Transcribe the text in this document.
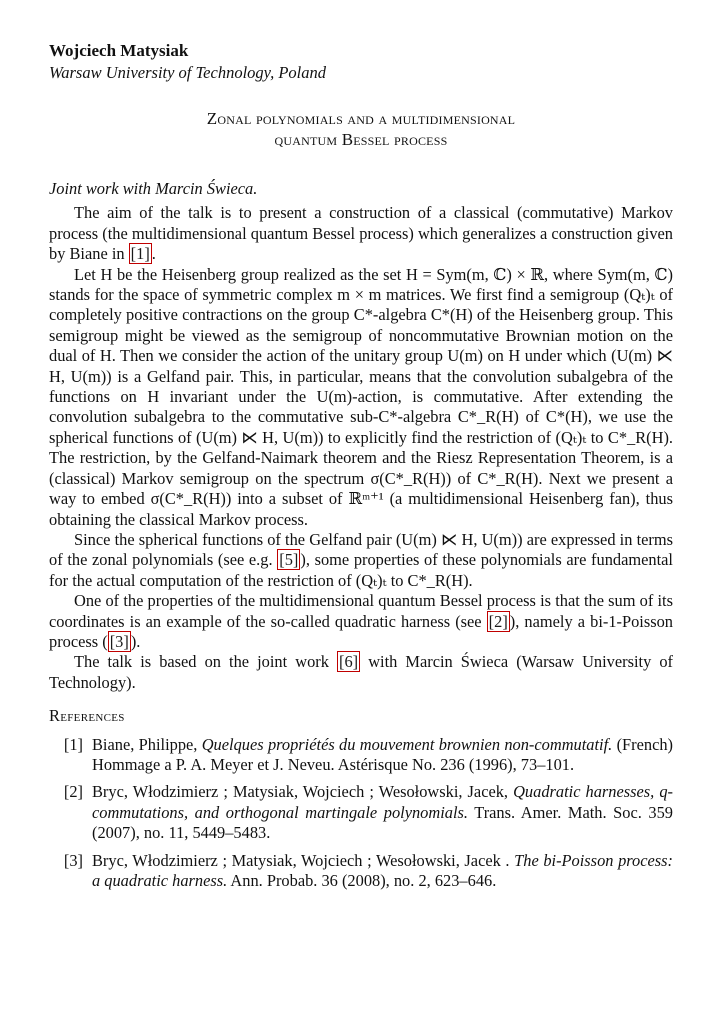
Wojciech Matysiak
Warsaw University of Technology, Poland
Zonal polynomials and a multidimensional
quantum Bessel process
Joint work with Marcin Świeca.

The aim of the talk is to present a construction of a classical (commutative) Markov process (the multidimensional quantum Bessel process) which generalizes a construction given by Biane in [1] .

Let H be the Heisenberg group realized as the set H = Sym(m, ℂ) × ℝ, where Sym(m, ℂ) stands for the space of symmetric complex m × m matrices. We first find a semigroup (Qₜ)ₜ of completely positive contractions on the group C*-algebra C*(H) of the Heisenberg group. This semigroup might be viewed as the semigroup of noncommutative Brownian motion on the dual of H. Then we consider the action of the unitary group U(m) on H under which (U(m) ⋉ H, U(m)) is a Gelfand pair. This, in particular, means that the convolution subalgebra of the functions on H invariant under the U(m)-action, is commutative. After extending the convolution subalgebra to the commutative sub-C*-algebra C*_R(H) of C*(H), we use the spherical functions of (U(m) ⋉ H, U(m)) to explicitly find the restriction of (Qₜ)ₜ to C*_R(H). The restriction, by the Gelfand-Naimark theorem and the Riesz Representation Theorem, is a (classical) Markov semigroup on the spectrum σ(C*_R(H)) of C*_R(H). Next we present a way to embed σ(C*_R(H)) into a subset of ℝᵐ⁺¹ (a multidimensional Heisenberg fan), thus obtaining the classical Markov process.

Since the spherical functions of the Gelfand pair (U(m) ⋉ H, U(m)) are expressed in terms of the zonal polynomials (see e.g. [5] ), some properties of these polynomials are fundamental for the actual computation of the restriction of (Qₜ)ₜ to C*_R(H).

One of the properties of the multidimensional quantum Bessel process is that the sum of its coordinates is an example of the so-called quadratic harness (see [2] ), namely a bi-1-Poisson process ( [3] ).

The talk is based on the joint work [6] with Marcin Świeca (Warsaw University of Technology).

References
[1] Biane, Philippe, Quelques propriétés du mouvement brownien non-commutatif. (French) Hommage a P. A. Meyer et J. Neveu. Astérisque No. 236 (1996), 73–101.
[2] Bryc, Włodzimierz ; Matysiak, Wojciech ; Wesołowski, Jacek, Quadratic harnesses, q-commutations, and orthogonal martingale polynomials. Trans. Amer. Math. Soc. 359 (2007), no. 11, 5449–5483.
[3] Bryc, Włodzimierz ; Matysiak, Wojciech ; Wesołowski, Jacek . The bi-Poisson process: a quadratic harness. Ann. Probab. 36 (2008), no. 2, 623–646.
